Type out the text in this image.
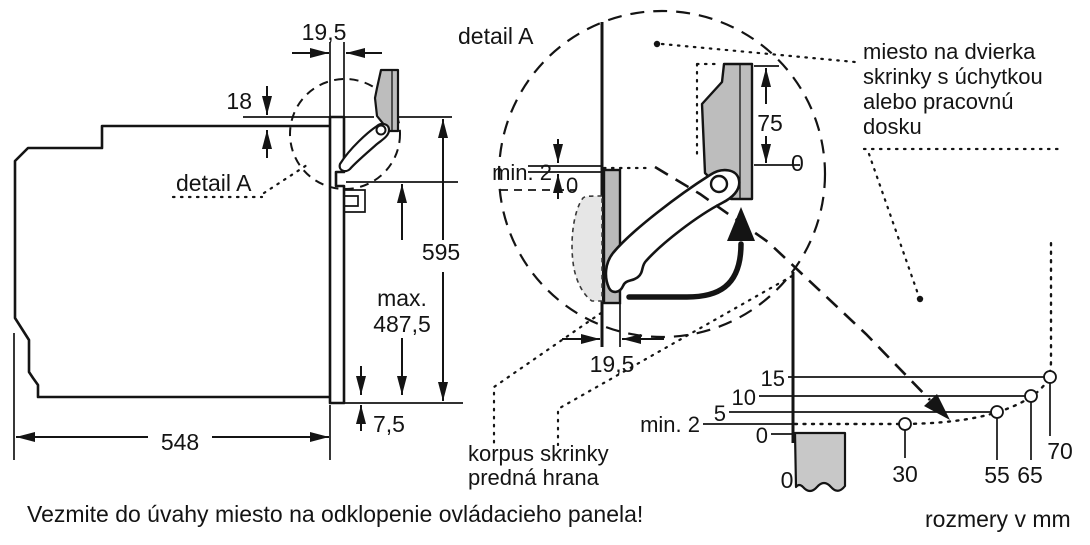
19,5
18
detail A
595
max.
487,5
7,5
548
detail A
min. 2
0
75
0
19,5
korpus skrinky
predná hrana
miesto na dvierka
skrinky s úchytkou
alebo pracovnú
dosku
15
10
5
min. 2	0
0	30	55 65
70
rozmery v mm
Vezmite do úvahy miesto na odklopenie ovládacieho panela!
